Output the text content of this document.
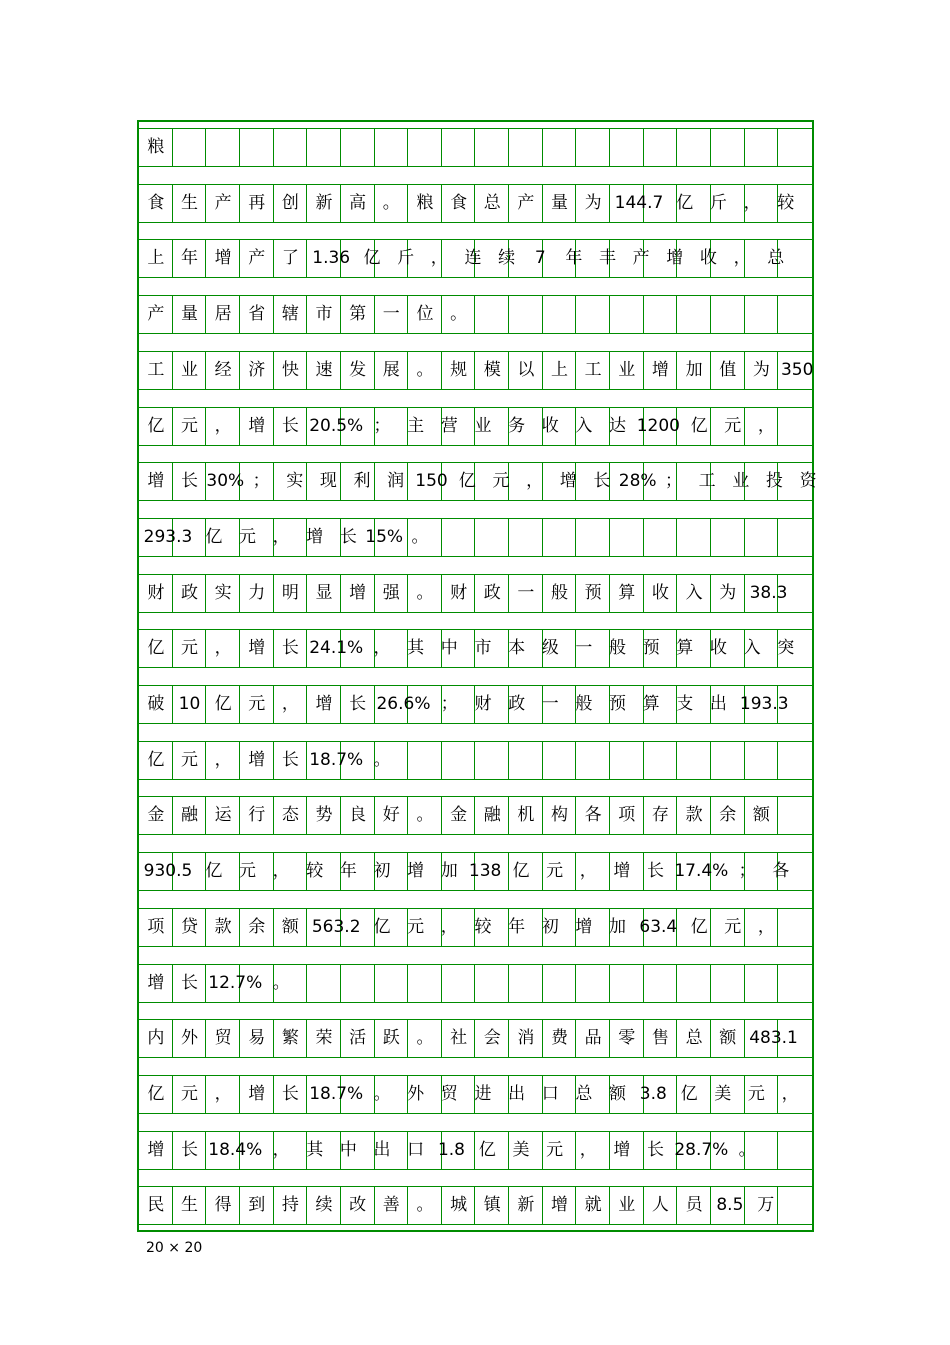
粮
食 生 产 再 创 新 高 。 粮 食 总 产 量 为 144.7 亿 斤 ， 较
上 年 增 产 了 1.36 亿 斤 ， 连 续 7 年 丰 产 增 收 ， 总
产 量 居 省 辖 市 第 一 位 。
工 业 经 济 快 速 发 展 。 规 模 以 上 工 业 增 加 值 为 350
亿 元 ， 增 长 20.5% ； 主 营 业 务 收 入 达 1200 亿 元 ，
增 长 30% ； 实 现 利 润 150 亿 元 ， 增 长 28% ； 工 业 投 资
293.3 亿 元 ， 增 长 15% 。
财 政 实 力 明 显 增 强 。 财 政 一 般 预 算 收 入 为 38.3
亿 元 ， 增 长 24.1% ， 其 中 市 本 级 一 般 预 算 收 入 突
破 10 亿 元 ， 增 长 26.6% ； 财 政 一 般 预 算 支 出 193.3
亿 元 ， 增 长 18.7% 。
金 融 运 行 态 势 良 好 。 金 融 机 构 各 项 存 款 余 额
930.5 亿 元 ， 较 年 初 增 加 138 亿 元 ， 增 长 17.4% ； 各
项 贷 款 余 额 563.2 亿 元 ， 较 年 初 增 加 63.4 亿 元 ，
增 长 12.7% 。
内 外 贸 易 繁 荣 活 跃 。 社 会 消 费 品 零 售 总 额 483.1
亿 元 ， 增 长 18.7% 。 外 贸 进 出 口 总 额 3.8 亿 美 元 ，
增 长 18.4% ， 其 中 出 口 1.8 亿 美 元 ， 增 长 28.7% 。
民 生 得 到 持 续 改 善 。 城 镇 新 增 就 业 人 员 8.5 万
20 × 20
